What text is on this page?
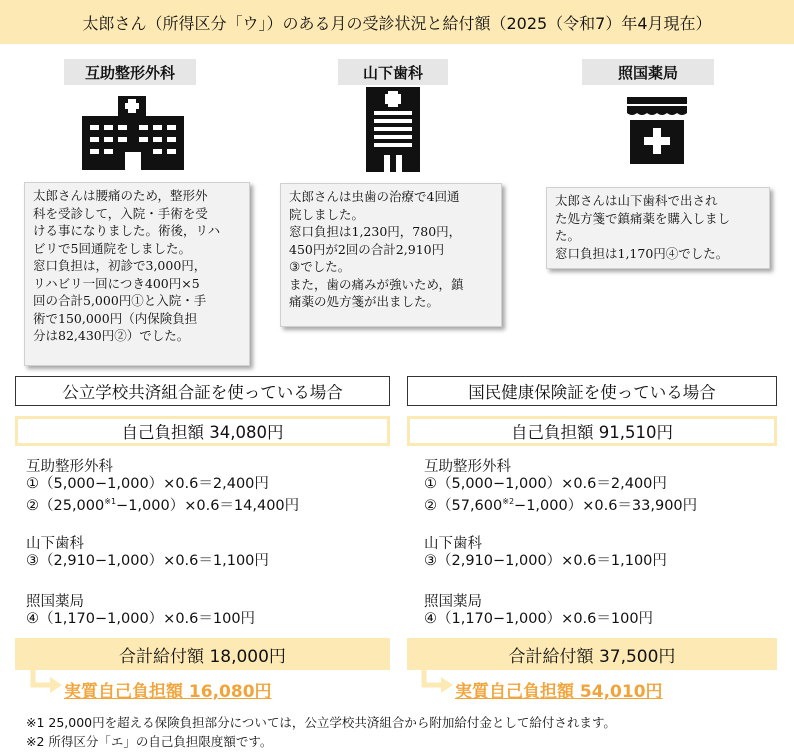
太郎さん（所得区分「ウ」）のある月の受診状況と給付額（2025（令和7）年4月現在）
互助整形外科	山下歯科	照国薬局
太郎さんは腰痛のため，整形外
科を受診して，入院・手術を受
ける事になりました。術後，リハ
ビリで5回通院をしました。
窓口負担は，初診で3,000円，
リハビリ一回につき400円×5
回の合計5,000円①と入院・手
術で150,000円（内保険負担
分は82,430円②）でした。
太郎さんは虫歯の治療で4回通
院しました。
窓口負担は1,230円，780円，
450円が2回の合計2,910円
③でした。
また，歯の痛みが強いため，鎮
痛薬の処方箋が出ました。
太郎さんは山下歯科で出され
た処方箋で鎮痛薬を購入しまし
た。
窓口負担は1,170円④でした。
公立学校共済組合証を使っている場合
自己負担額 34,080円
互助整形外科
①（5,000−1,000）×0.6＝2,400円
$②(25,000^{※1}-1,000)\times 0.6=14,400$円
山下歯科
③（2,910−1,000）×0.6＝1,100円
照国薬局
④（1,170−1,000）×0.6＝100円
合計給付額 18,000円
実質自己負担額 16,080円
国民健康保険証を使っている場合
自己負担額 91,510円
互助整形外科
①（5,000−1,000）×0.6＝2,400円
$②(57,600^{※2}-1,000)\times 0.6=33,900$円
山下歯科
③（2,910−1,000）×0.6＝1,100円
照国薬局
④（1,170−1,000）×0.6＝100円
合計給付額 37,500円
実質自己負担額 54,010円
※1 25,000円を超える保険負担部分については，公立学校共済組合から附加給付金として給付されます。
※2 所得区分「エ」の自己負担限度額です。
